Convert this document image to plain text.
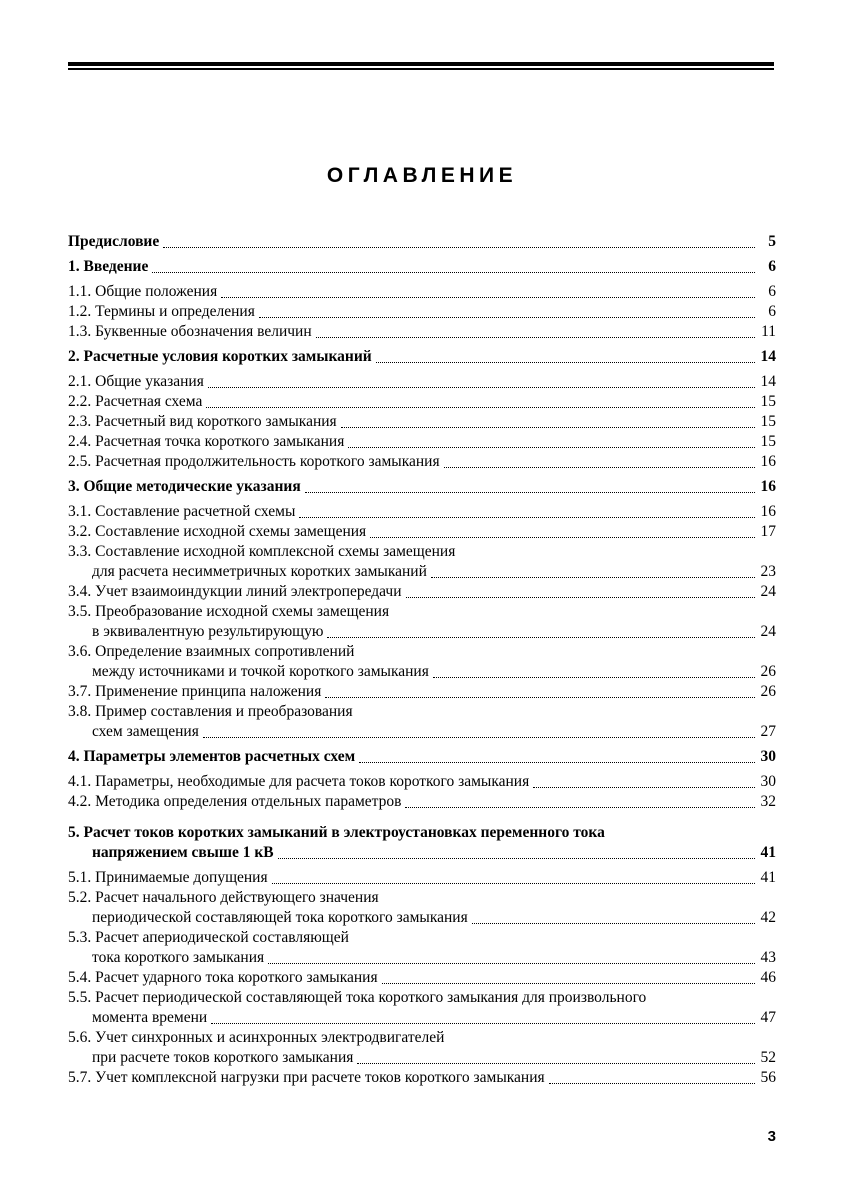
ОГЛАВЛЕНИЕ
Предисловие	5
1. Введение	6
1.1. Общие положения	6
1.2. Термины и определения	6
1.3. Буквенные обозначения величин	11
2. Расчетные условия коротких замыканий	14
2.1. Общие указания	14
2.2. Расчетная схема	15
2.3. Расчетный вид короткого замыкания	15
2.4. Расчетная точка короткого замыкания	15
2.5. Расчетная продолжительность короткого замыкания	16
3. Общие методические указания	16
3.1. Составление расчетной схемы	16
3.2. Составление исходной схемы замещения	17
3.3. Составление исходной комплексной схемы замещения
для расчета несимметричных коротких замыканий	23
3.4. Учет взаимоиндукции линий электропередачи	24
3.5. Преобразование исходной схемы замещения
в эквивалентную результирующую	24
3.6. Определение взаимных сопротивлений
между источниками и точкой короткого замыкания	26
3.7. Применение принципа наложения	26
3.8. Пример составления и преобразования
схем замещения	27
4. Параметры элементов расчетных схем	30
4.1. Параметры, необходимые для расчета токов короткого замыкания	30
4.2. Методика определения отдельных параметров	32
5. Расчет токов коротких замыканий в электроустановках переменного тока
напряжением свыше 1 кВ	41
5.1. Принимаемые допущения	41
5.2. Расчет начального действующего значения
периодической составляющей тока короткого замыкания	42
5.3. Расчет апериодической составляющей
тока короткого замыкания	43
5.4. Расчет ударного тока короткого замыкания	46
5.5. Расчет периодической составляющей тока короткого замыкания для произвольного
момента времени	47
5.6. Учет синхронных и асинхронных электродвигателей
при расчете токов короткого замыкания	52
5.7. Учет комплексной нагрузки при расчете токов короткого замыкания	56
3
